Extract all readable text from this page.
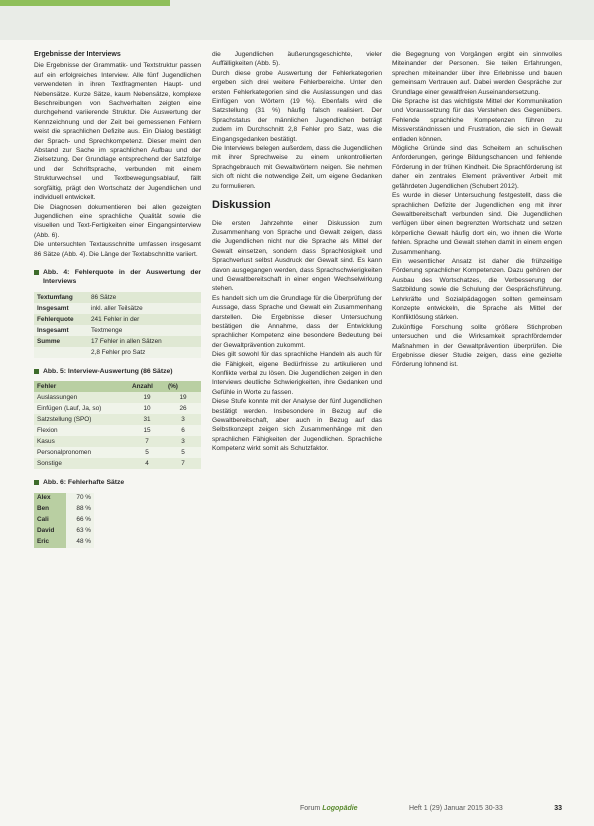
Ergebnisse der Interviews

Die Ergebnisse der Grammatik- und Textstruktur passen auf ein erfolgreiches Interview. Alle fünf Jugendlichen verwendeten in ihren Textfragmenten Haupt- und Nebensätze. Kurze Sätze, kaum Nebensätze, komplexe Beschreibungen von Sachverhalten zeigten eine durchgehend variierende Struktur. Die Auswertung der Kennzeichnung und der Zeit bei gemessenen Fehlern weist die sprachlichen Defizite aus. Ein Dialog bestätigt der Sprach- und Sprechkompetenz. Dieser meint den Abstand zur Sache im sprachlichen Aufbau und der Zielsetzung. Der Grundlage entsprechend der Satzfolge und der Schriftsprache, verbunden mit einem Strukturwechsel und Textbewegungsablauf, fällt sorgfältig, prägt den Wortschatz der Jugendlichen und individuell entwickelt.

Die Diagnosen dokumentieren bei allen gezeigten Jugendlichen eine sprachliche Qualität sowie die visuellen und Text-Fertigkeiten einer Eingangsinterview (Abb. 6).

Die untersuchten Textausschnitte umfassen insgesamt 86 Sätze (Abb. 4). Die Länge der Textabschnitte variiert.

Abb. 4: Fehlerquote in der Auswertung der Interviews
Textumfang	86 Sätze
Insgesamt	inkl. aller Teilsätze
Fehlerquote	241 Fehler in der
Insgesamt	Textmenge
Summe	17 Fehler in allen Sätzen
	2,8 Fehler pro Satz
Abb. 5: Interview-Auswertung (86 Sätze)
Fehler	Anzahl	(%)
Auslassungen	19	19
Einfügen (Lauf, Ja, so)	10	26
Satzstellung (SPO)	31	3
Flexion	15	6
Kasus	7	3
Personalpronomen	5	5
Sonstige	4	7
Abb. 6: Fehlerhafte Sätze
Alex	70 %
Ben	88 %
Cali	66 %
David	63 %
Eric	48 %

die Jugendlichen äußerungsgeschichte, vieler Auffälligkeiten (Abb. 5).

Durch diese grobe Auswertung der Fehlerkategorien ergeben sich drei weitere Fehlerbereiche. Unter den ersten Fehlerkategorien sind die Auslassungen und das Einfügen von Wörtern (19 %). Ebenfalls wird die Satzstellung (31 %) häufig falsch realisiert. Der Sprachstatus der männlichen Jugendlichen beträgt zudem im Durchschnitt 2,8 Fehler pro Satz, was die Eingangsgedanken bestätigt.

Die Interviews belegen außerdem, dass die Jugendlichen mit ihrer Sprechweise zu einem unkontrollierten Sprachgebrauch mit Gewaltwörtern neigen. Sie nehmen sich oft nicht die notwendige Zeit, um eigene Gedanken zu formulieren.

Diskussion

Die ersten Jahrzehnte einer Diskussion zum Zusammenhang von Sprache und Gewalt zeigen, dass die Jugendlichen nicht nur die Sprache als Mittel der Gewalt einsetzen, sondern dass Sprachlosigkeit und Sprachverlust selbst Ausdruck der Gewalt sind. Es kann davon ausgegangen werden, dass Sprachschwierigkeiten und Gewaltbereitschaft in einer engen Wechselwirkung stehen.

Es handelt sich um die Grundlage für die Überprüfung der Aussage, dass Sprache und Gewalt ein Zusammenhang darstellen. Die Ergebnisse dieser Untersuchung bestätigen die Annahme, dass der Entwicklung sprachlicher Kompetenz eine besondere Bedeutung bei der Gewaltprävention zukommt.

Dies gilt sowohl für das sprachliche Handeln als auch für die Fähigkeit, eigene Bedürfnisse zu artikulieren und Konflikte verbal zu lösen. Die Jugendlichen zeigen in den Interviews deutliche Schwierigkeiten, ihre Gedanken und Gefühle in Worte zu fassen.

Diese Stufe konnte mit der Analyse der fünf Jugendlichen bestätigt werden. Insbesondere in Bezug auf die Gewaltbereitschaft, aber auch in Bezug auf das Selbstkonzept zeigen sich Zusammenhänge mit den sprachlichen Fähigkeiten der Jugendlichen. Sprachliche Kompetenz wirkt somit als Schutzfaktor.

die Begegnung von Vorgängen ergibt ein sinnvolles Miteinander der Personen. Sie teilen Erfahrungen, sprechen miteinander über ihre Erlebnisse und bauen gemeinsam Vertrauen auf. Dabei werden Gespräche zur Grundlage einer gewaltfreien Auseinandersetzung.

Die Sprache ist das wichtigste Mittel der Kommunikation und Voraussetzung für das Verstehen des Gegenübers. Fehlende sprachliche Kompetenzen führen zu Missverständnissen und Frustration, die sich in Gewalt entladen können.

Mögliche Gründe sind das Scheitern an schulischen Anforderungen, geringe Bildungschancen und fehlende Förderung in der frühen Kindheit. Die Sprachförderung ist daher ein zentrales Element präventiver Arbeit mit gefährdeten Jugendlichen (Schubert 2012).

Es wurde in dieser Untersuchung festgestellt, dass die sprachlichen Defizite der Jugendlichen eng mit ihrer Gewaltbereitschaft verbunden sind. Die Jugendlichen verfügen über einen begrenzten Wortschatz und setzen körperliche Gewalt häufig dort ein, wo ihnen die Worte fehlen. Sprache und Gewalt stehen damit in einem engen Zusammenhang.

Ein wesentlicher Ansatz ist daher die frühzeitige Förderung sprachlicher Kompetenzen. Dazu gehören der Ausbau des Wortschatzes, die Verbesserung der Satzbildung sowie die Schulung der Gesprächsführung. Lehrkräfte und Sozialpädagogen sollten gemeinsam Konzepte entwickeln, die Sprache als Mittel der Konfliktlösung stärken.

Zukünftige Forschung sollte größere Stichproben untersuchen und die Wirksamkeit sprachfördernder Maßnahmen in der Gewaltprävention überprüfen. Die Ergebnisse dieser Studie zeigen, dass eine gezielte Förderung lohnend ist.

Forum Logopädie	Heft 1 (29) Januar 2015 30-33	33
